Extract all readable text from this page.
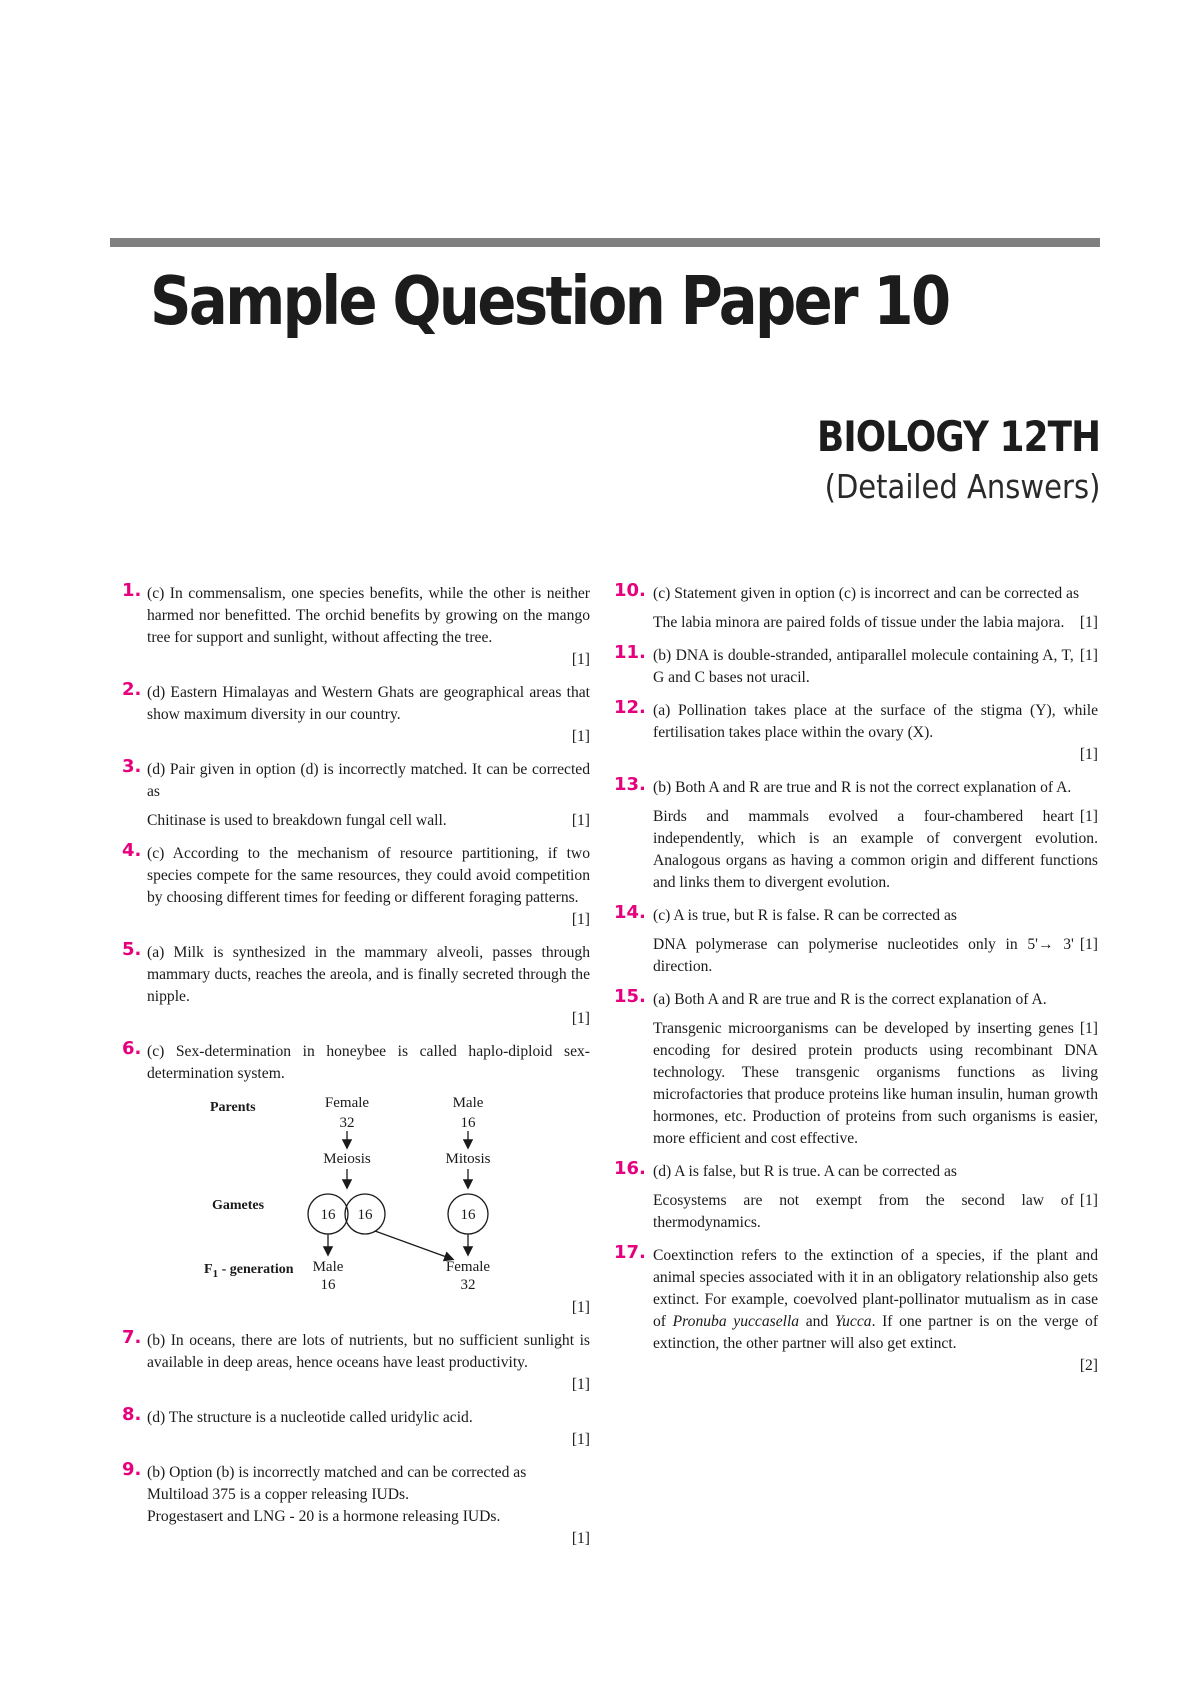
Sample Question Paper 10
BIOLOGY 12TH
(Detailed Answers)
1. (c) In commensalism, one species benefits, while the other is neither harmed nor benefitted. The orchid benefits by growing on the mango tree for support and sunlight, without affecting the tree.

[1]
2. (d) Eastern Himalayas and Western Ghats are geographical areas that show maximum diversity in our country.

[1]
3. (d) Pair given in option (d) is incorrectly matched. It can be corrected as

[1]
Chitinase is used to breakdown fungal cell wall.

4. (c) According to the mechanism of resource partitioning, if two species compete for the same resources, they could avoid competition by choosing different times for feeding or different foraging patterns.

[1]
5. (a) Milk is synthesized in the mammary alveoli, passes through mammary ducts, reaches the areola, and is finally secreted through the nipple.

[1]
6. (c) Sex-determination in honeybee is called haplo-diploid sex-determination system.

Parents	Female
32
Male
16
Meiosis	Mitosis
Gametes
16 16	16
$F_1$ - generation Male
16
Female
32
[1]
7. (b) In oceans, there are lots of nutrients, but no sufficient sunlight is available in deep areas, hence oceans have least productivity.

[1]
8. (d) The structure is a nucleotide called uridylic acid.

[1]
9. (b) Option (b) is incorrectly matched and can be corrected as

Multiload 375 is a copper releasing IUDs.

Progestasert and LNG - 20 is a hormone releasing IUDs.

[1]
10. (c) Statement given in option (c) is incorrect and can be corrected as

[1]
The labia minora are paired folds of tissue under the labia majora.

11.	[1]
(b) DNA is double-stranded, antiparallel molecule containing A, T, G and C bases not uracil.

12. (a) Pollination takes place at the surface of the stigma (Y), while fertilisation takes place within the ovary (X).

[1]
13. (b) Both A and R are true and R is not the correct explanation of A.

[1]
Birds and mammals evolved a four-chambered heart independently, which is an example of convergent evolution. Analogous organs as having a common origin and different functions and links them to divergent evolution.

14. (c) A is true, but R is false. R can be corrected as

[1]
DNA polymerase can polymerise nucleotides only in 5'→ 3' direction.

15. (a) Both A and R are true and R is the correct explanation of A.

[1]
Transgenic microorganisms can be developed by inserting genes encoding for desired protein products using recombinant DNA technology. These transgenic organisms functions as living microfactories that produce proteins like human insulin, human growth hormones, etc. Production of proteins from such organisms is easier, more efficient and cost effective.

16. (d) A is false, but R is true. A can be corrected as

[1]
Ecosystems are not exempt from the second law of thermodynamics.

17. Coextinction refers to the extinction of a species, if the plant and animal species associated with it in an obligatory relationship also gets extinct. For example, coevolved plant-pollinator mutualism as in case of Pronuba yuccasella and Yucca. If one partner is on the verge of extinction, the other partner will also get extinct.

[2]
